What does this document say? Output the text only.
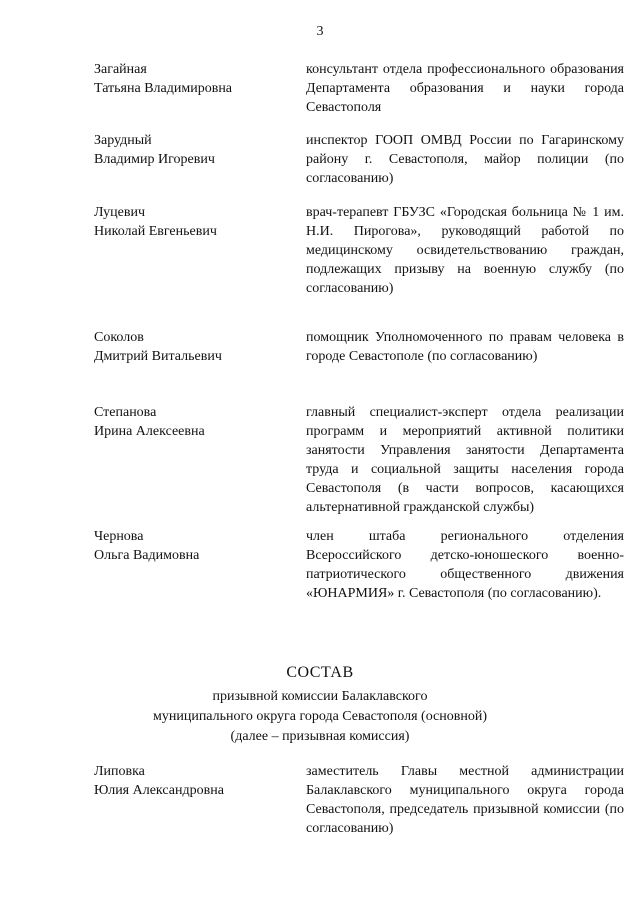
3
Загайная
Татьяна Владимировна
консультант отдела профессионального образования Департамента образования и науки города Севастополя
Зарудный
Владимир Игоревич
инспектор ГООП ОМВД России по Гагаринскому району г. Севастополя, майор полиции (по согласованию)
Луцевич
Николай Евгеньевич
врач-терапевт ГБУЗС «Городская больница № 1 им. Н.И. Пирогова», руководящий работой по медицинскому освидетельствованию граждан, подлежащих призыву на военную службу (по согласованию)
Соколов
Дмитрий Витальевич
помощник Уполномоченного по правам человека в городе Севастополе (по согласованию)
Степанова
Ирина Алексеевна
главный специалист-эксперт отдела реализации программ и мероприятий активной политики занятости Управления занятости Департамента труда и социальной защиты населения города Севастополя (в части вопросов, касающихся альтернативной гражданской службы)
Чернова
Ольга Вадимовна
член штаба регионального отделения Всероссийского детско-юношеского военно-патриотического общественного движения «ЮНАРМИЯ» г. Севастополя (по согласованию).
СОСТАВ
призывной комиссии Балаклавского
муниципального округа города Севастополя (основной)
(далее – призывная комиссия)
Липовка
Юлия Александровна
заместитель Главы местной администрации Балаклавского муниципального округа города Севастополя, председатель призывной комиссии (по согласованию)
